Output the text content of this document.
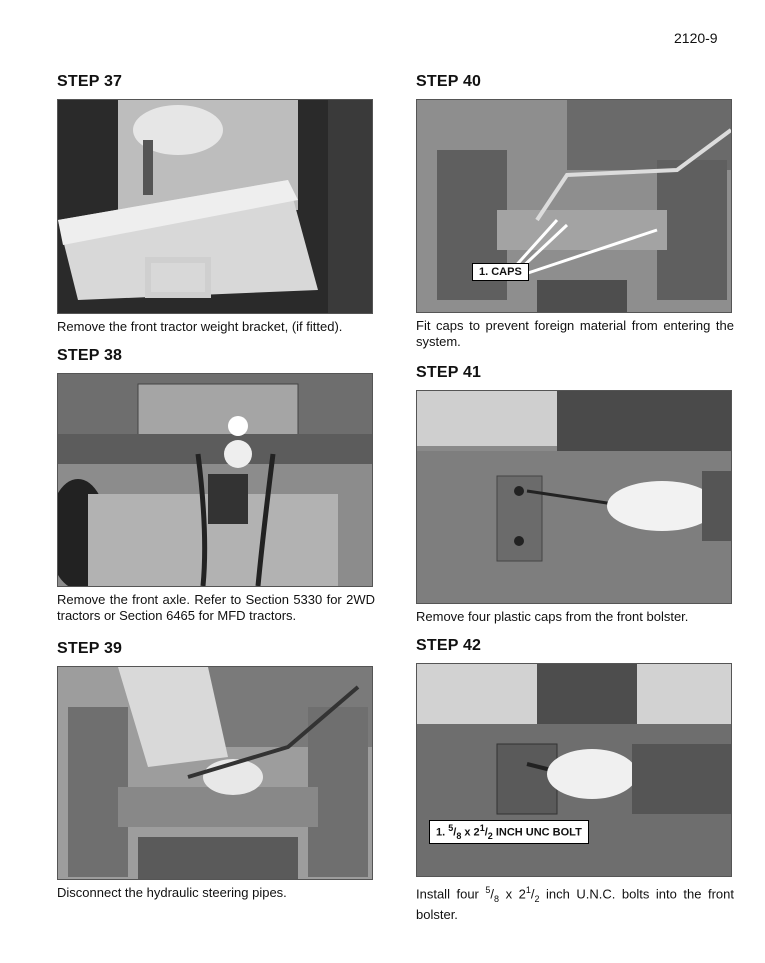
2120-9
STEP 37
Remove the front tractor weight bracket, (if fitted).
STEP 38
Remove the front axle. Refer to Section 5330 for 2WD tractors or Section 6465 for MFD tractors.
STEP 39
Disconnect the hydraulic steering pipes.
STEP 40
1. CAPS
Fit caps to prevent foreign material from entering the system.
STEP 41
Remove four plastic caps from the front bolster.
STEP 42
1. $^5/_8$ x $2^1/_2$ INCH UNC BOLT
Install four $^5/_8$ x $2^1/_2$ inch U.N.C. bolts into the front bolster.
